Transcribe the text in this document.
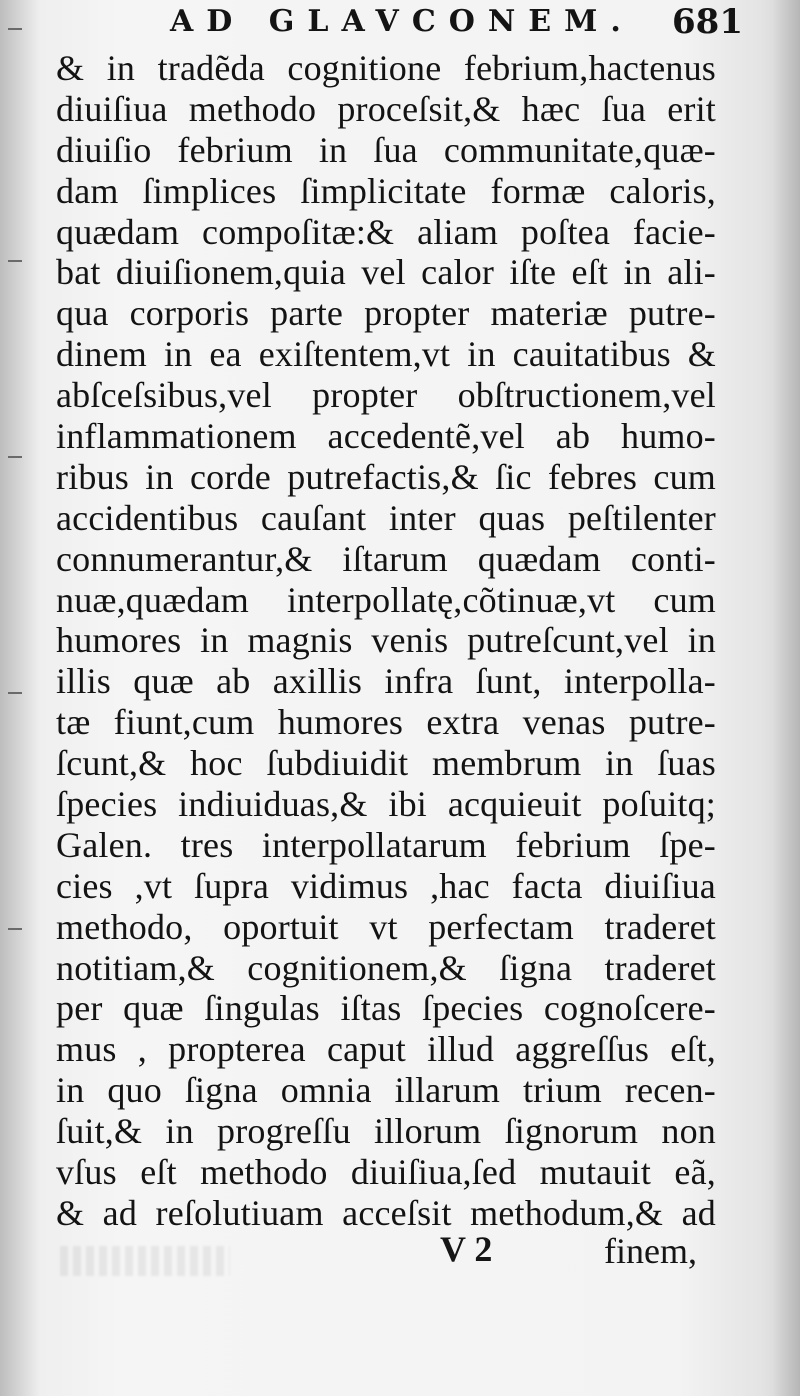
AD GLAVCONEM. 681
& in tradẽda cognitione febrium,hactenus
diuiſiua methodo proceſsit,& hæc ſua erit
diuiſio febrium in ſua communitate,quæ-
dam ſimplices ſimplicitate formæ caloris,
quædam compoſitæ:& aliam poſtea facie-
bat diuiſionem,quia vel calor iſte eſt in ali-
qua corporis parte propter materiæ putre-
dinem in ea exiſtentem,vt in cauitatibus &
abſceſsibus,vel propter obſtructionem,vel
inflammationem accedentẽ,vel ab humo-
ribus in corde putrefactis,& ſic febres cum
accidentibus cauſant inter quas peſtilenter
connumerantur,& iſtarum quædam conti-
nuæ,quædam interpollatę,cõtinuæ,vt cum
humores in magnis venis putreſcunt,vel in
illis quæ ab axillis infra ſunt, interpolla-
tæ fiunt,cum humores extra venas putre-
ſcunt,& hoc ſubdiuidit membrum in ſuas
ſpecies indiuiduas,& ibi acquieuit poſuitq;
Galen. tres interpollatarum febrium ſpe-
cies ,vt ſupra vidimus ,hac facta diuiſiua
methodo, oportuit vt perfectam traderet
notitiam,& cognitionem,& ſigna traderet
per quæ ſingulas iſtas ſpecies cognoſcere-
mus , propterea caput illud aggreſſus eſt,
in quo ſigna omnia illarum trium recen-
ſuit,& in progreſſu illorum ſignorum non
vſus eſt methodo diuiſiua,ſed mutauit eã,
& ad reſolutiuam acceſsit methodum,& ad
V 2	finem,
